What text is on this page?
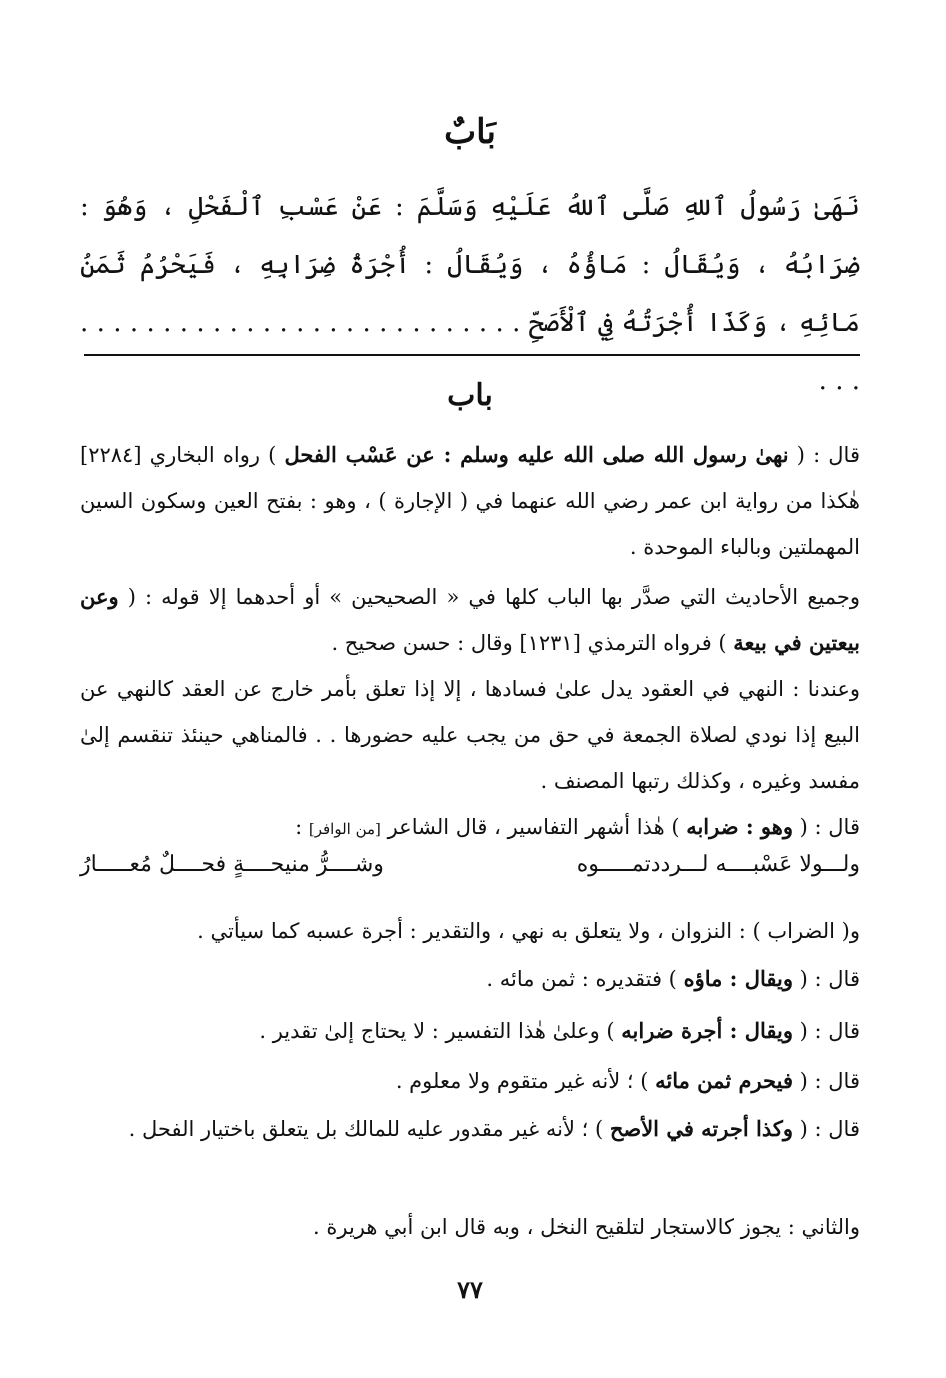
بَابٌ
نَهَىٰ رَسُولُ ٱللهِ صَلَّى ٱللهُ عَلَيْهِ وَسَلَّمَ : عَنْ عَسْبِ ٱلْفَحْلِ ، وَهُوَ : ضِرَابُهُ ، وَيُقَالُ : مَاؤُهُ ، وَيُقَالُ : أُجْرَةُ ضِرَابِهِ ، فَيَحْرُمُ ثَمَنُ مَائِهِ ، وَكَذَا أُجْرَتُهُ فِي ٱلْأَصَحِّ . . . . . . . . . . . . . . . . . . . . . . . . . . . . . .
باب
قال : ( نهىٰ رسول الله صلى الله عليه وسلم : عن عَسْب الفحل ) رواه البخاري [٢٢٨٤] هٰكذا من رواية ابن عمر رضي الله عنهما في ( الإجارة ) ، وهو : بفتح العين وسكون السين المهملتين وبالباء الموحدة .
وجميع الأحاديث التي صدَّر بها الباب كلها في « الصحيحين » أو أحدهما إلا قوله : ( وعن بيعتين في بيعة ) فرواه الترمذي [١٢٣١] وقال : حسن صحيح .
وعندنا : النهي في العقود يدل علىٰ فسادها ، إلا إذا تعلق بأمر خارج عن العقد كالنهي عن البيع إذا نودي لصلاة الجمعة في حق من يجب عليه حضورها . . فالمناهي حينئذ تنقسم إلىٰ مفسد وغيره ، وكذلك رتبها المصنف .
قال : ( وهو : ضرابه ) هٰذا أشهر التفاسير ، قال الشاعر [من الوافر] :
ولـــولا عَسْبــــه لـــرددتمـــــوه
وشــــرُّ منيحــــةٍ فحــــلٌ مُعـــــارُ
و( الضراب ) : النزوان ، ولا يتعلق به نهي ، والتقدير : أجرة عسبه كما سيأتي .
قال : ( ويقال : ماؤه ) فتقديره : ثمن مائه .
قال : ( ويقال : أجرة ضرابه ) وعلىٰ هٰذا التفسير : لا يحتاج إلىٰ تقدير .
قال : ( فيحرم ثمن مائه ) ؛ لأنه غير متقوم ولا معلوم .
قال : ( وكذا أجرته في الأصح ) ؛ لأنه غير مقدور عليه للمالك بل يتعلق باختيار الفحل .
والثاني : يجوز كالاستجار لتلقيح النخل ، وبه قال ابن أبي هريرة .
٧٧
